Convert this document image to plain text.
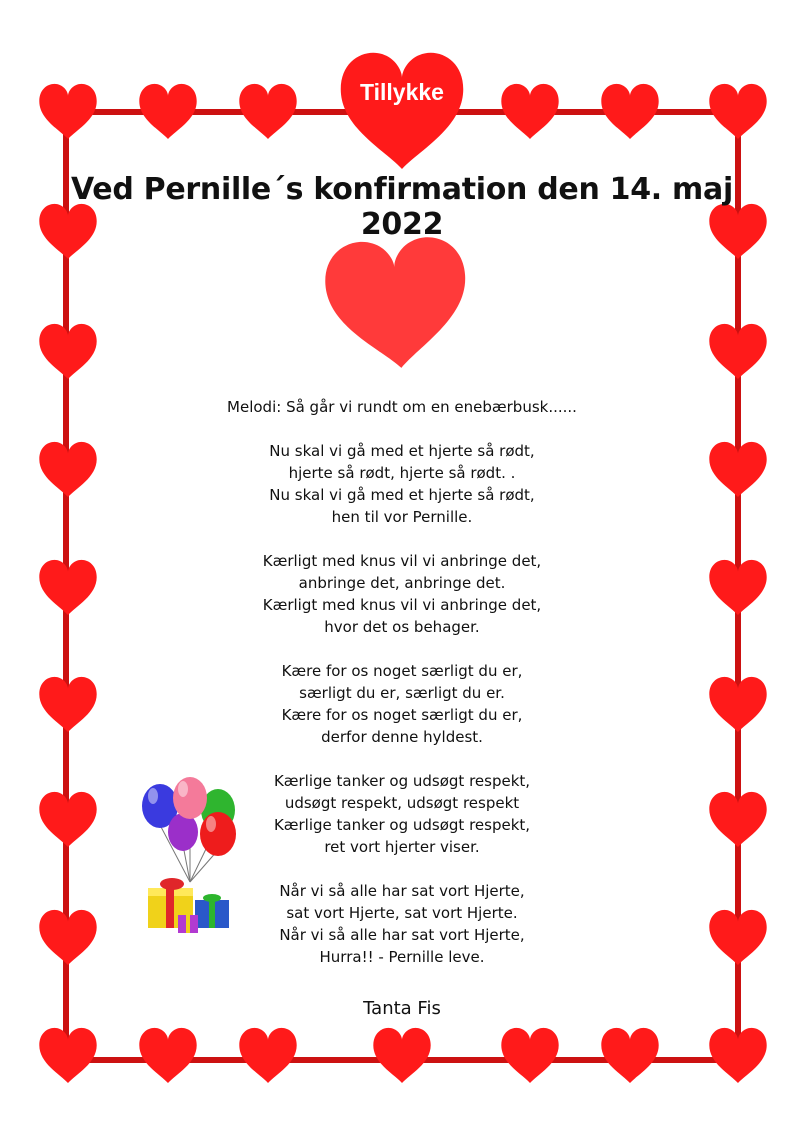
Tillykke
Ved Pernille´s konfirmation den 14. maj 2022
Melodi: Så går vi rundt om en enebærbusk......
Nu skal vi gå med et hjerte så rødt,
hjerte så rødt, hjerte så rødt. .
Nu skal vi gå med et hjerte så rødt,
hen til vor Pernille.
Kærligt med knus vil vi anbringe det,
anbringe det, anbringe det.
Kærligt med knus vil vi anbringe det,
hvor det os behager.
Kære for os noget særligt du er,
særligt du er, særligt du er.
Kære for os noget særligt du er,
derfor denne hyldest.
Kærlige tanker og udsøgt respekt,
udsøgt respekt, udsøgt respekt
Kærlige tanker og udsøgt respekt,
ret vort hjerter viser.
Når vi så alle har sat vort Hjerte,
sat vort Hjerte, sat vort Hjerte.
Når vi så alle har sat vort Hjerte,
Hurra!! - Pernille leve.
Tanta Fis
